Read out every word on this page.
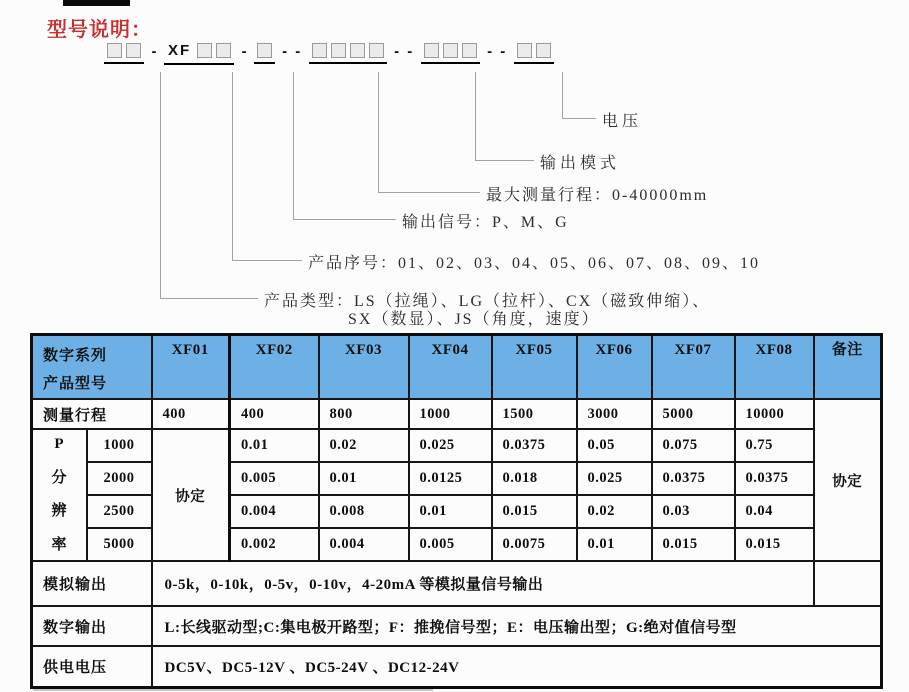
型号说明：
- XF	- - -	- -	- -
电压
输出模式
最大测量行程：0-40000mm
输出信号：P、M、G
产品序号：01、02、03、04、05、06、07、08、09、10
产品类型：LS（拉绳）、LG（拉杆）、CX（磁致伸缩）、
SX（数显）、JS（角度，速度）
数字系列
产品型号		XF01	XF02	XF03	XF04	XF05	XF06	XF07	XF08	备注
测量行程		400	400	800	1000	1500	3000	5000	10000	协定

P
分
辨
率	1000	协定	0.01	0.02	0.025	0.0375	0.05	0.075	0.75	
	2000		0.005	0.01	0.0125	0.018	0.025	0.0375	0.0375	
	2500		0.004	0.008	0.01	0.015	0.02	0.03	0.04	
	5000		0.002	0.004	0.005	0.0075	0.01	0.015	0.015	
模拟输出		0-5k，0-10k，0-5v，0-10v，4-20mA 等模拟量信号输出								
数字输出		L:长线驱动型;C:集电极开路型；F：推挽信号型；E：电压输出型；G:绝对值信号型								
供电电压		DC5V、DC5-12V 、DC5-24V 、DC12-24V								
